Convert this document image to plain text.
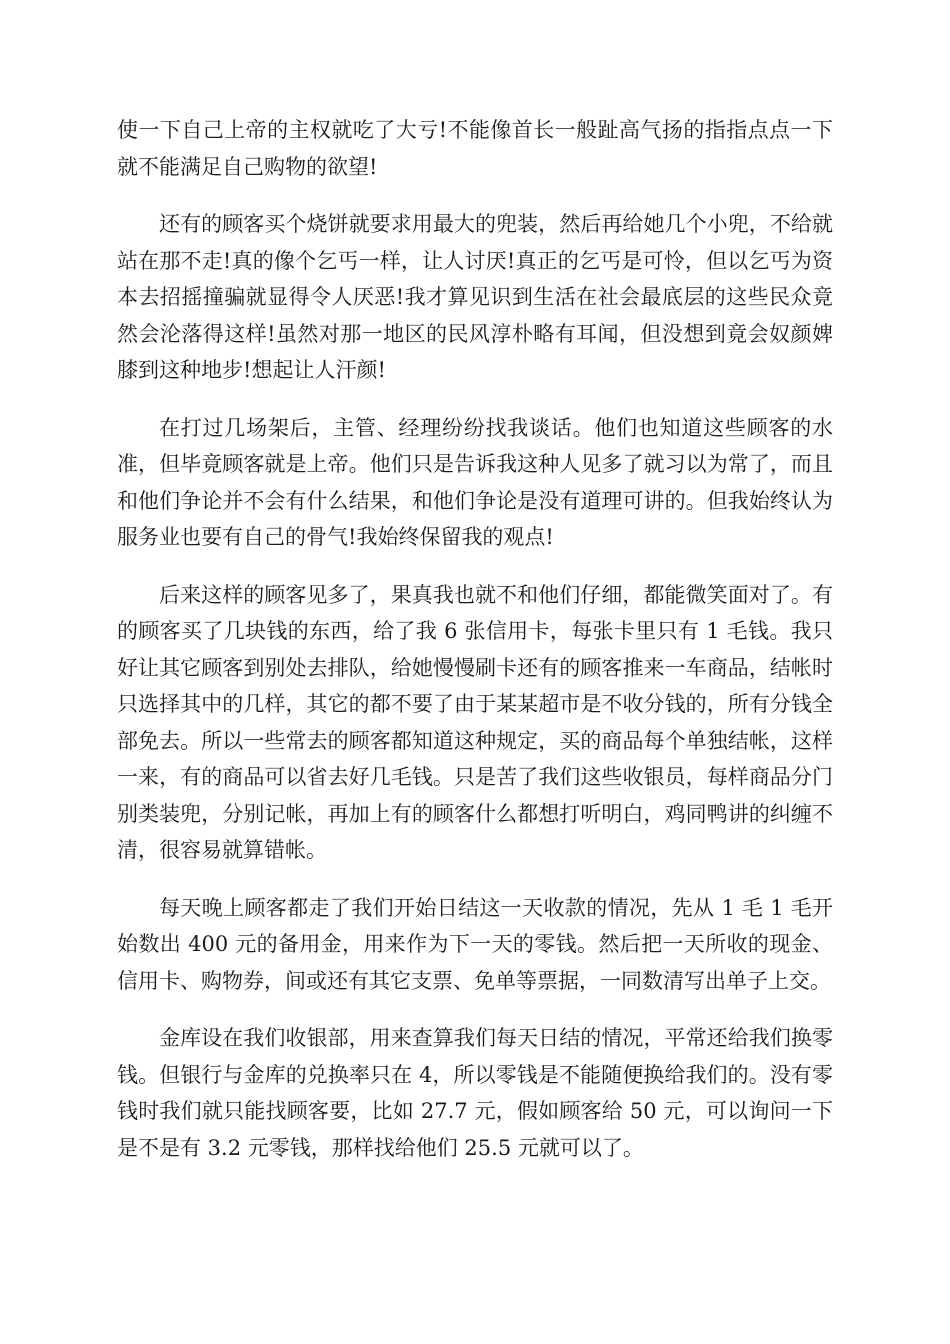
使一下自己上帝的主权就吃了大亏!不能像首长一般趾高气扬的指指点点一下就不能满足自己购物的欲望!

还有的顾客买个烧饼就要求用最大的兜装，然后再给她几个小兜，不给就站在那不走!真的像个乞丐一样，让人讨厌!真正的乞丐是可怜，但以乞丐为资本去招摇撞骗就显得令人厌恶!我才算见识到生活在社会最底层的这些民众竟然会沦落得这样!虽然对那一地区的民风淳朴略有耳闻，但没想到竟会奴颜婢膝到这种地步!想起让人汗颜!

在打过几场架后，主管、经理纷纷找我谈话。他们也知道这些顾客的水准，但毕竟顾客就是上帝。他们只是告诉我这种人见多了就习以为常了，而且和他们争论并不会有什么结果，和他们争论是没有道理可讲的。但我始终认为服务业也要有自己的骨气!我始终保留我的观点!

后来这样的顾客见多了，果真我也就不和他们仔细，都能微笑面对了。有的顾客买了几块钱的东西，给了我 6 张信用卡，每张卡里只有 1 毛钱。我只好让其它顾客到别处去排队，给她慢慢刷卡还有的顾客推来一车商品，结帐时只选择其中的几样，其它的都不要了由于某某超市是不收分钱的，所有分钱全部免去。所以一些常去的顾客都知道这种规定，买的商品每个单独结帐，这样一来，有的商品可以省去好几毛钱。只是苦了我们这些收银员，每样商品分门别类装兜，分别记帐，再加上有的顾客什么都想打听明白，鸡同鸭讲的纠缠不清，很容易就算错帐。

每天晚上顾客都走了我们开始日结这一天收款的情况，先从 1 毛 1 毛开始数出 400 元的备用金，用来作为下一天的零钱。然后把一天所收的现金、信用卡、购物券，间或还有其它支票、免单等票据，一同数清写出单子上交。

金库设在我们收银部，用来查算我们每天日结的情况，平常还给我们换零钱。但银行与金库的兑换率只在 4，所以零钱是不能随便换给我们的。没有零钱时我们就只能找顾客要，比如 27.7 元，假如顾客给 50 元，可以询问一下是不是有 3.2 元零钱，那样找给他们 25.5 元就可以了。
